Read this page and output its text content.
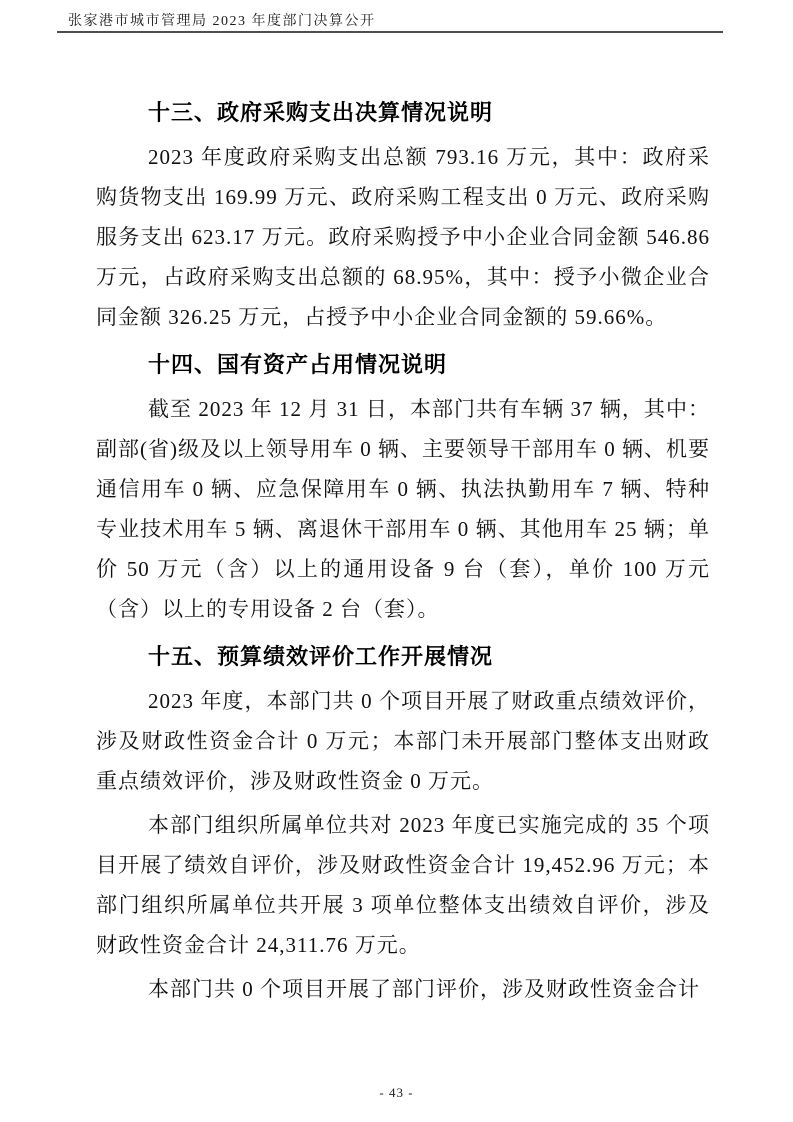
张家港市城市管理局 2023 年度部门决算公开
十三、政府采购支出决算情况说明

2023 年度政府采购支出总额 793.16 万元，其中：政府采购货物支出 169.99 万元、政府采购工程支出 0 万元、政府采购服务支出 623.17 万元。政府采购授予中小企业合同金额 546.86 万元，占政府采购支出总额的 68.95%，其中：授予小微企业合同金额 326.25 万元，占授予中小企业合同金额的 59.66%。

十四、国有资产占用情况说明

截至 2023 年 12 月 31 日，本部门共有车辆 37 辆，其中：副部(省)级及以上领导用车 0 辆、主要领导干部用车 0 辆、机要通信用车 0 辆、应急保障用车 0 辆、执法执勤用车 7 辆、特种专业技术用车 5 辆、离退休干部用车 0 辆、其他用车 25 辆；单价 50 万元（含）以上的通用设备 9 台（套），单价 100 万元（含）以上的专用设备 2 台（套）。

十五、预算绩效评价工作开展情况

2023 年度，本部门共 0 个项目开展了财政重点绩效评价，涉及财政性资金合计 0 万元；本部门未开展部门整体支出财政重点绩效评价，涉及财政性资金 0 万元。

本部门组织所属单位共对 2023 年度已实施完成的 35 个项目开展了绩效自评价，涉及财政性资金合计 19,452.96 万元；本部门组织所属单位共开展 3 项单位整体支出绩效自评价，涉及财政性资金合计 24,311.76 万元。

本部门共 0 个项目开展了部门评价，涉及财政性资金合计

- 43 -
